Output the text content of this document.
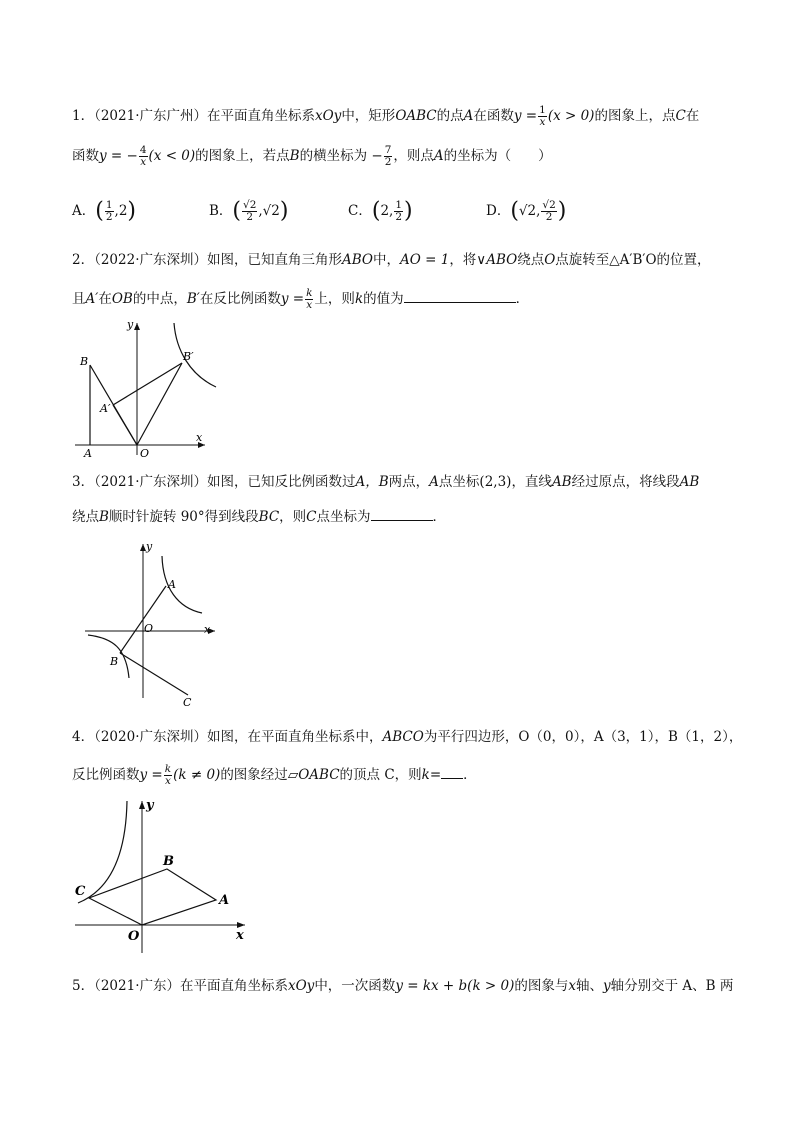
1．（2021·广东广州）在平面直角坐标系xOy中，矩形OABC的点A在函数$y = \frac{1}{x} (x > 0)$的图象上，点C在
函数y = − $\frac{4}{x} (x < 0)$的图象上，若点B的横坐标为 − $\frac{7}{2}$ ，则点A的坐标为（　　）
A．( $\frac{1}{2} ,2$)	B．( $\frac{√2}{2} ,√2$)	C．(2, $\frac{1}{2}$ )	D．(√2, $\frac{√2}{2}$ )
2．（2022·广东深圳）如图，已知直角三角形ABO中，AO = 1，将∨ABO绕点O点旋转至△A′B′O的位置，
且A′在OB的中点，B′在反比例函数$y = \frac{k}{x}$ 上，则k的值为	．
y
x
B	B′
A′
A	O
3．（2021·广东深圳）如图，已知反比例函数过A，B两点，A点坐标(2,3)，直线AB经过原点，将线段AB
绕点B顺时针旋转 90°得到线段BC，则C点坐标为	．
y
x
A
O
B
C
4．（2020·广东深圳）如图，在平面直角坐标系中，ABCO为平行四边形，O（0，0），A（3，1），B（1，2），
反比例函数$y = \frac{k}{x} (k \ne 0)$的图象经过▱OABC的顶点 C，则k= ．
y
x
B
C
A
O
5．（2021·广东）在平面直角坐标系xOy中，一次函数y = kx + b(k > 0)的图象与x轴、y轴分别交于 A、B 两
